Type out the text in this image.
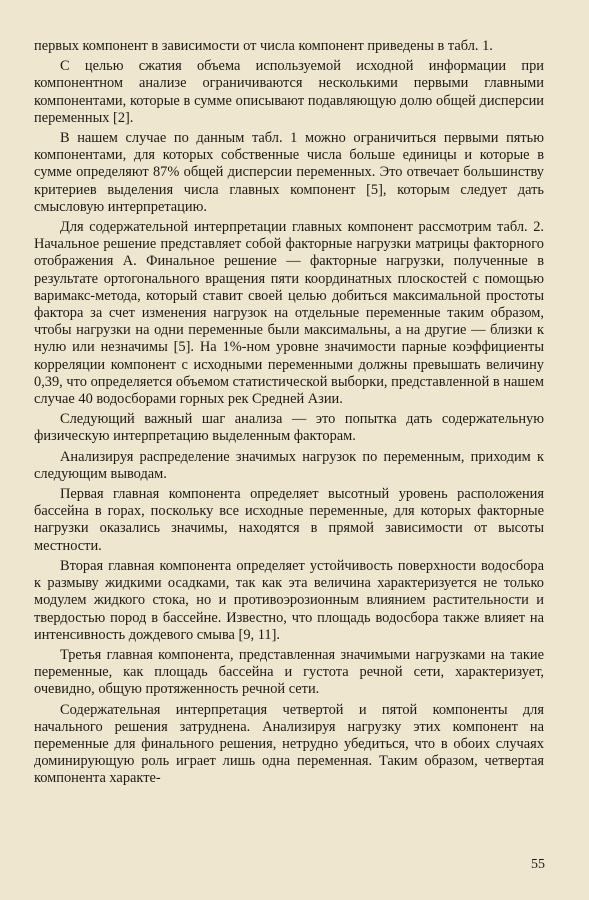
первых компонент в зависимости от числа компонент приведены в табл. 1.

С целью сжатия объема используемой исходной информации при компонентном анализе ограничиваются несколькими первыми главными компонентами, которые в сумме описывают подавляющую долю общей дисперсии переменных [2].

В нашем случае по данным табл. 1 можно ограничиться первыми пятью компонентами, для которых собственные числа больше единицы и которые в сумме определяют 87% общей дисперсии переменных. Это отвечает большинству критериев выделения числа главных компонент [5], которым следует дать смысловую интерпретацию.

Для содержательной интерпретации главных компонент рассмотрим табл. 2. Начальное решение представляет собой факторные нагрузки матрицы факторного отображения А. Финальное решение — факторные нагрузки, полученные в результате ортогонального вращения пяти координатных плоскостей с помощью варимакс-метода, который ставит своей целью добиться максимальной простоты фактора за счет изменения нагрузок на отдельные переменные таким образом, чтобы нагрузки на одни переменные были максимальны, а на другие — близки к нулю или незначимы [5]. На 1%-ном уровне значимости парные коэффициенты корреляции компонент с исходными переменными должны превышать величину 0,39, что определяется объемом статистической выборки, представленной в нашем случае 40 водосборами горных рек Средней Азии.

Следующий важный шаг анализа — это попытка дать содержательную физическую интерпретацию выделенным факторам.

Анализируя распределение значимых нагрузок по переменным, приходим к следующим выводам.

Первая главная компонента определяет высотный уровень расположения бассейна в горах, поскольку все исходные переменные, для которых факторные нагрузки оказались значимы, находятся в прямой зависимости от высоты местности.

Вторая главная компонента определяет устойчивость поверхности водосбора к размыву жидкими осадками, так как эта величина характеризуется не только модулем жидкого стока, но и противоэрозионным влиянием растительности и твердостью пород в бассейне. Известно, что площадь водосбора также влияет на интенсивность дождевого смыва [9, 11].

Третья главная компонента, представленная значимыми нагрузками на такие переменные, как площадь бассейна и густота речной сети, характеризует, очевидно, общую протяженность речной сети.

Содержательная интерпретация четвертой и пятой компоненты для начального решения затруднена. Анализируя нагрузку этих компонент на переменные для финального решения, нетрудно убедиться, что в обоих случаях доминирующую роль играет лишь одна переменная. Таким образом, четвертая компонента характе-

55
